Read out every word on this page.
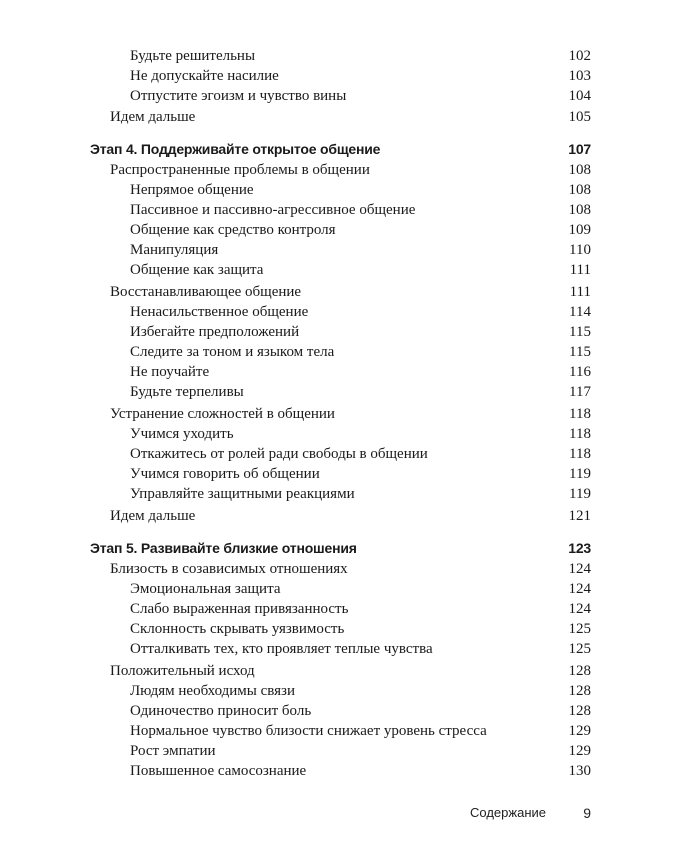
Будьте решительны	102
Не допускайте насилие	103
Отпустите эгоизм и чувство вины	104
Идем дальше	105
Этап 4. Поддерживайте открытое общение	107
Распространенные проблемы в общении	108
Непрямое общение	108
Пассивное и пассивно-агрессивное общение	108
Общение как средство контроля	109
Манипуляция	110
Общение как защита	111
Восстанавливающее общение	111
Ненасильственное общение	114
Избегайте предположений	115
Следите за тоном и языком тела	115
Не поучайте	116
Будьте терпеливы	117
Устранение сложностей в общении	118
Учимся уходить	118
Откажитесь от ролей ради свободы в общении	118
Учимся говорить об общении	119
Управляйте защитными реакциями	119
Идем дальше	121
Этап 5. Развивайте близкие отношения	123
Близость в созависимых отношениях	124
Эмоциональная защита	124
Слабо выраженная привязанность	124
Склонность скрывать уязвимость	125
Отталкивать тех, кто проявляет теплые чувства	125
Положительный исход	128
Людям необходимы связи	128
Одиночество приносит боль	128
Нормальное чувство близости снижает уровень стресса	129
Рост эмпатии	129
Повышенное самосознание	130
Содержание	9
